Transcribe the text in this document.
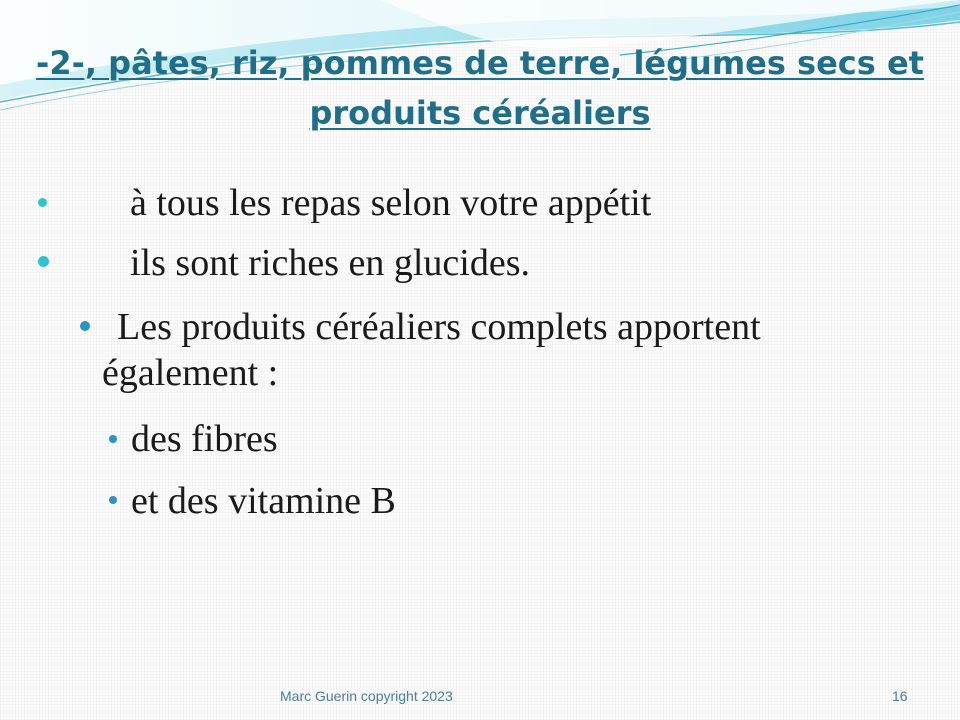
-2-, pâtes, riz, pommes de terre, légumes secs et
produits céréaliers
à tous les repas selon votre appétit
ils sont riches en glucides.
Les produits céréaliers complets apportent également :
des fibres
et des vitamine B
Marc Guerin copyright 2023	16
